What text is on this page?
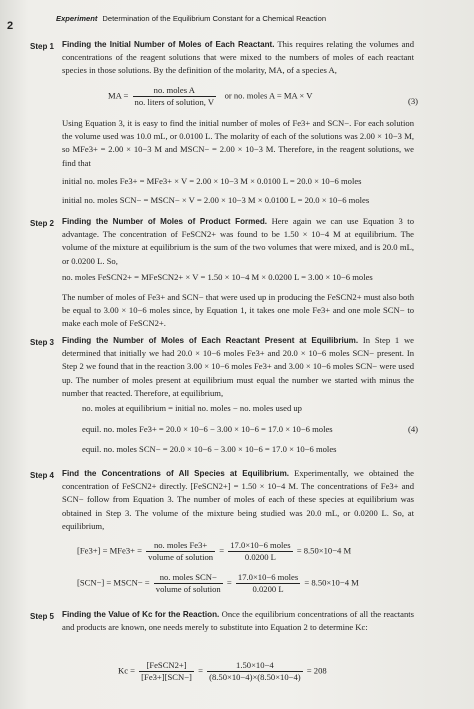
2
Experiment Determination of the Equilibrium Constant for a Chemical Reaction
Step 1 Finding the Initial Number of Moles of Each Reactant. This requires relating the volumes and concentrations of the reagent solutions that were mixed to the numbers of moles of each reactant species in those solutions. By the definition of the molarity, MA, of a species A,
MA = $\frac{\text{no. moles A}}{\text{no. liters of solution, V}}$ or no. moles A = MA × V
(3)
Using Equation 3, it is easy to find the initial number of moles of Fe3+ and SCN−. For each solution the volume used was 10.0 mL, or 0.0100 L. The molarity of each of the solutions was 2.00 × 10−3 M, so MFe3+ = 2.00 × 10−3 M and MSCN− = 2.00 × 10−3 M. Therefore, in the reagent solutions, we find that
initial no. moles Fe3+ = MFe3+ × V = 2.00 × 10−3 M × 0.0100 L = 20.0 × 10−6 moles
initial no. moles SCN− = MSCN− × V = 2.00 × 10−3 M × 0.0100 L = 20.0 × 10−6 moles
Step 2 Finding the Number of Moles of Product Formed. Here again we can use Equation 3 to advantage. The concentration of FeSCN2+ was found to be 1.50 × 10−4 M at equilibrium. The volume of the mixture at equilibrium is the sum of the two volumes that were mixed, and is 20.0 mL, or 0.0200 L. So,
no. moles FeSCN2+ = MFeSCN2+ × V = 1.50 × 10−4 M × 0.0200 L = 3.00 × 10−6 moles
The number of moles of Fe3+ and SCN− that were used up in producing the FeSCN2+ must also both be equal to 3.00 × 10−6 moles since, by Equation 1, it takes one mole Fe3+ and one mole SCN− to make each mole of FeSCN2+.
Step 3 Finding the Number of Moles of Each Reactant Present at Equilibrium. In Step 1 we determined that initially we had 20.0 × 10−6 moles Fe3+ and 20.0 × 10−6 moles SCN− present. In Step 2 we found that in the reaction 3.00 × 10−6 moles Fe3+ and 3.00 × 10−6 moles SCN− were used up. The number of moles present at equilibrium must equal the number we started with minus the number that reacted. Therefore, at equilibrium,
no. moles at equilibrium = initial no. moles − no. moles used up
equil. no. moles Fe3+ = 20.0 × 10−6 − 3.00 × 10−6 = 17.0 × 10−6 moles
equil. no. moles SCN− = 20.0 × 10−6 − 3.00 × 10−6 = 17.0 × 10−6 moles
(4)
Step 4 Find the Concentrations of All Species at Equilibrium. Experimentally, we obtained the concentration of FeSCN2+ directly. [FeSCN2+] = 1.50 × 10−4 M. The concentrations of Fe3+ and SCN− follow from Equation 3. The number of moles of each of these species at equilibrium was obtained in Step 3. The volume of the mixture being studied was 20.0 mL, or 0.0200 L. So, at equilibrium,
$[Fe3+] = MFe3+ = \frac{\text{no. moles Fe3+}}{\text{volume of solution}} = \frac{\text{17.0×10−6 moles}}{0.0200 L} = 8.50\times 10-4$ M
[SCN−] = MSCN− = $\frac{\text{no. moles SCN−}}{\text{volume of solution}} = \frac{\text{17.0×10−6 moles}}{0.0200 L} = 8.50\times 10-4$ M
Step 5 Finding the Value of Kc for the Reaction. Once the equilibrium concentrations of all the reactants and products are known, one needs merely to substitute into Equation 2 to determine Kc:
$Kc = \frac{\text{[FeSCN2+]}}{\text{[Fe3+][SCN−]}} = \frac{1.50\times 10-4}{(8.50\times 10-4)\times(8.50\times 10-4)} = 208$
